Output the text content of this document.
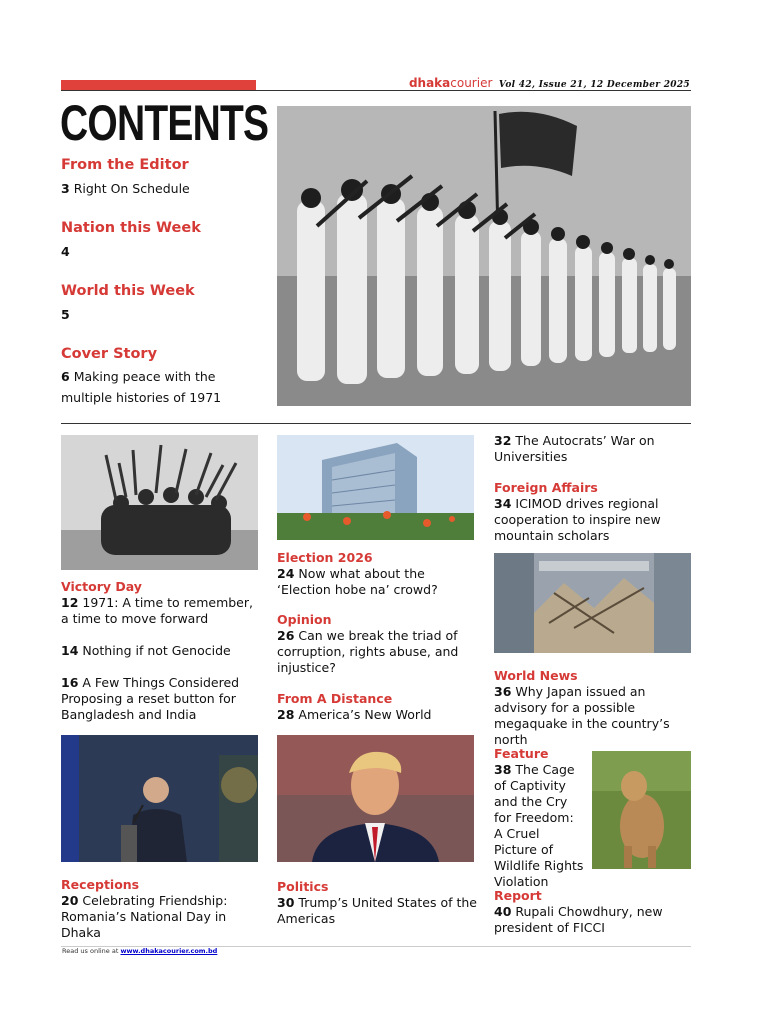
dhakacourier Vol 42, Issue 21, 12 December 2025
CONTENTS
From the Editor
3 Right On Schedule
Nation this Week
4
World this Week
5
Cover Story
6 Making peace with the multiple histories of 1971
Victory Day
12 1971: A time to remember, a time to move forward
14 Nothing if not Genocide
16 A Few Things Considered Proposing a reset button for Bangladesh and India
Receptions
20 Celebrating Friendship: Romania’s National Day in Dhaka
Election 2026
24 Now what about the ‘Election hobe na’ crowd?
Opinion
26 Can we break the triad of corruption, rights abuse, and injustice?
From A Distance
28 America’s New World
Politics
30 Trump’s United States of the Americas
32 The Autocrats’ War on Universities
Foreign Affairs
34 ICIMOD drives regional cooperation to inspire new mountain scholars
World News
36 Why Japan issued an advisory for a possible megaquake in the country’s north
Feature
38 The Cage of Captivity and the Cry for Freedom: A Cruel Picture of Wildlife Rights Violation
Report
40 Rupali Chowdhury, new president of FICCI
Read us online at www.dhakacourier.com.bd
